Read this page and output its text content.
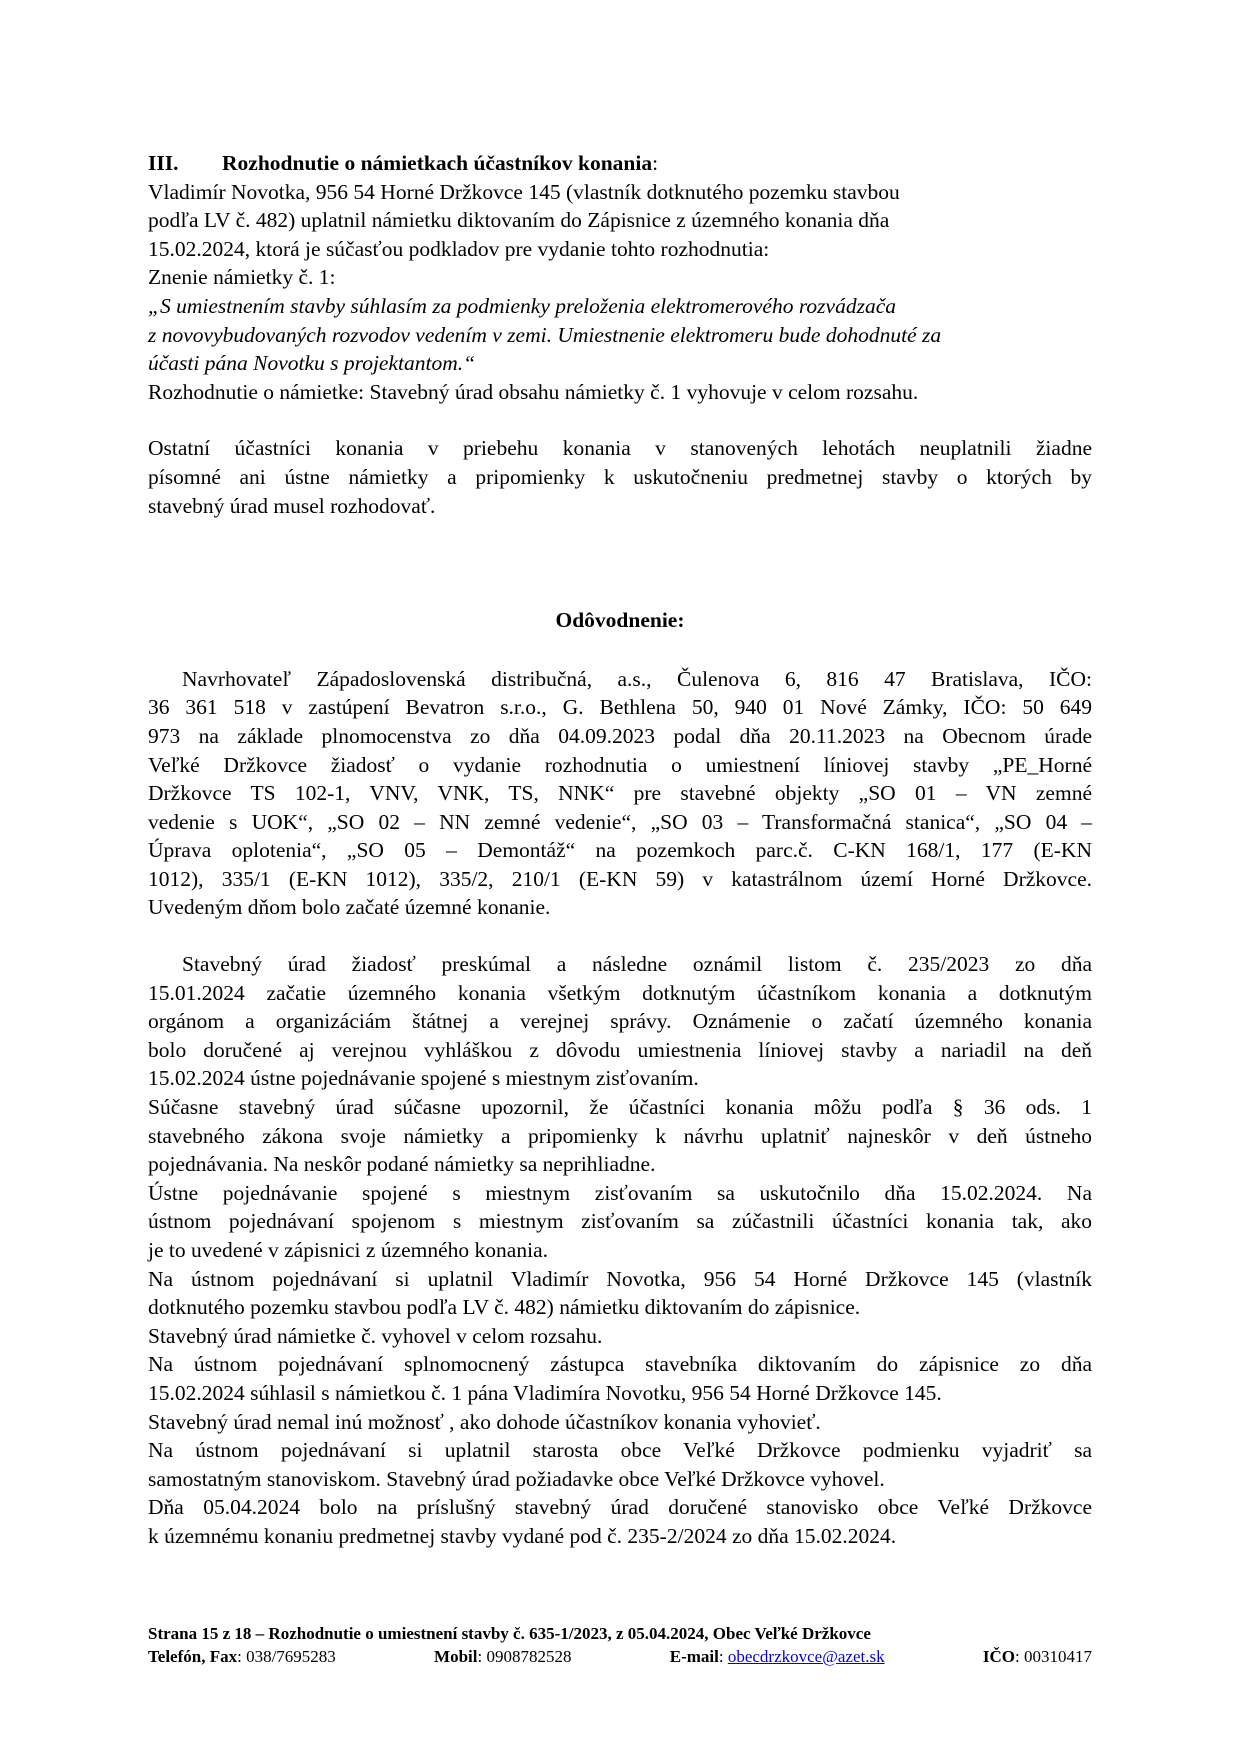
III.	Rozhodnutie o námietkach účastníkov konania:

Vladimír Novotka, 956 54 Horné Držkovce 145 (vlastník dotknutého pozemku stavbou
podľa LV č. 482) uplatnil námietku diktovaním do Zápisnice z územného konania dňa
15.02.2024, ktorá je súčasťou podkladov pre vydanie tohto rozhodnutia:

Znenie námietky č. 1:

„S umiestnením stavby súhlasím za podmienky preloženia elektromerového rozvádzača
z novovybudovaných rozvodov vedením v zemi. Umiestnenie elektromeru bude dohodnuté za
účasti pána Novotku s projektantom.“

Rozhodnutie o námietke: Stavebný úrad obsahu námietky č. 1 vyhovuje v celom rozsahu.

Ostatní účastníci konania v priebehu konania v stanovených lehotách neuplatnili žiadne
písomné ani ústne námietky a pripomienky k uskutočneniu predmetnej stavby o ktorých by
stavebný úrad musel rozhodovať.

Odôvodnenie:

Navrhovateľ Západoslovenská distribučná, a.s., Čulenova 6, 816 47 Bratislava, IČO:
36 361 518 v zastúpení Bevatron s.r.o., G. Bethlena 50, 940 01 Nové Zámky, IČO: 50 649
973 na základe plnomocenstva zo dňa 04.09.2023 podal dňa 20.11.2023 na Obecnom úrade
Veľké Držkovce žiadosť o vydanie rozhodnutia o umiestnení líniovej stavby „PE_Horné
Držkovce TS 102-1, VNV, VNK, TS, NNK“ pre stavebné objekty „SO 01 – VN zemné
vedenie s UOK“, „SO 02 – NN zemné vedenie“, „SO 03 – Transformačná stanica“, „SO 04 –
Úprava oplotenia“, „SO 05 – Demontáž“ na pozemkoch parc.č. C-KN 168/1, 177 (E-KN
1012), 335/1 (E-KN 1012), 335/2, 210/1 (E-KN 59) v katastrálnom území Horné Držkovce.
Uvedeným dňom bolo začaté územné konanie.

Stavebný úrad žiadosť preskúmal a následne oznámil listom č. 235/2023 zo dňa
15.01.2024 začatie územného konania všetkým dotknutým účastníkom konania a dotknutým
orgánom a organizáciám štátnej a verejnej správy. Oznámenie o začatí územného konania
bolo doručené aj verejnou vyhláškou z dôvodu umiestnenia líniovej stavby a nariadil na deň
15.02.2024 ústne pojednávanie spojené s miestnym zisťovaním.
Súčasne stavebný úrad súčasne upozornil, že účastníci konania môžu podľa § 36 ods. 1
stavebného zákona svoje námietky a pripomienky k návrhu uplatniť najneskôr v deň ústneho
pojednávania. Na neskôr podané námietky sa neprihliadne.
Ústne pojednávanie spojené s miestnym zisťovaním sa uskutočnilo dňa 15.02.2024. Na
ústnom pojednávaní spojenom s miestnym zisťovaním sa zúčastnili účastníci konania tak, ako
je to uvedené v zápisnici z územného konania.
Na ústnom pojednávaní si uplatnil Vladimír Novotka, 956 54 Horné Držkovce 145 (vlastník
dotknutého pozemku stavbou podľa LV č. 482) námietku diktovaním do zápisnice.
Stavebný úrad námietke č. vyhovel v celom rozsahu.
Na ústnom pojednávaní splnomocnený zástupca stavebníka diktovaním do zápisnice zo dňa
15.02.2024 súhlasil s námietkou č. 1 pána Vladimíra Novotku, 956 54 Horné Držkovce 145.
Stavebný úrad nemal inú možnosť , ako dohode účastníkov konania vyhovieť.
Na ústnom pojednávaní si uplatnil starosta obce Veľké Držkovce podmienku vyjadriť sa
samostatným stanoviskom. Stavebný úrad požiadavke obce Veľké Držkovce vyhovel.
Dňa 05.04.2024 bolo na príslušný stavebný úrad doručené stanovisko obce Veľké Držkovce
k územnému konaniu predmetnej stavby vydané pod č. 235-2/2024 zo dňa 15.02.2024.

Strana 15 z 18 – Rozhodnutie o umiestnení stavby č. 635-1/2023, z 05.04.2024, Obec Veľké Držkovce
Telefón, Fax: 038/7695283	Mobil: 0908782528	E-mail: obecdrzkovce@azet.sk	IČO: 00310417
